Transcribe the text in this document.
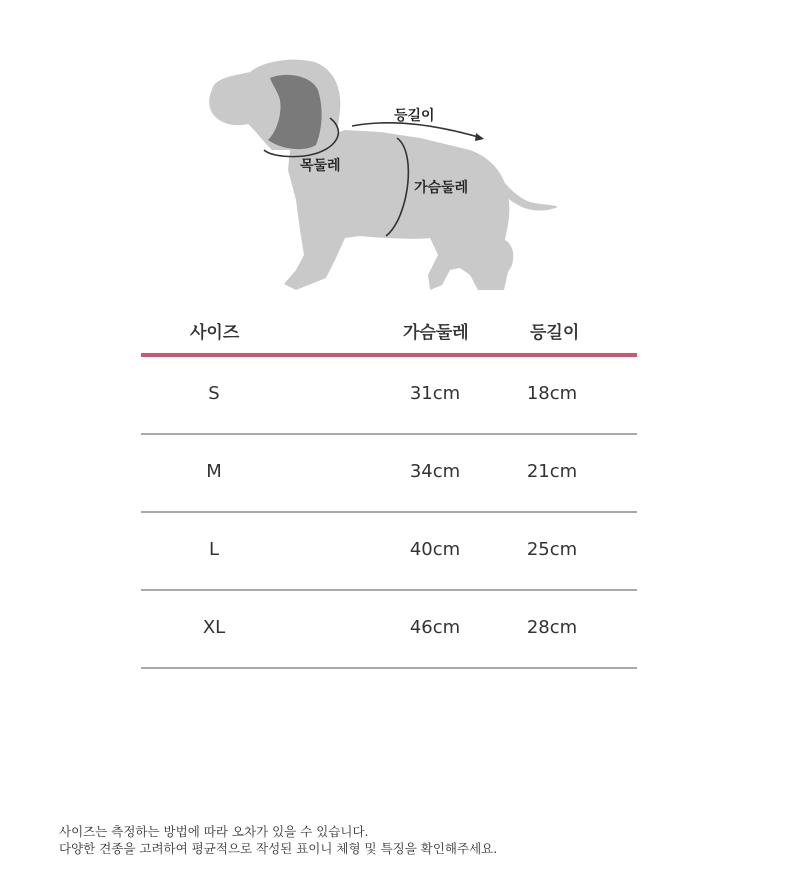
등길이
목둘레
가슴둘레
사이즈	가슴둘레	등길이
S	31cm	18cm
M	34cm	21cm
L	40cm	25cm
XL	46cm	28cm
사이즈는 측정하는 방법에 따라 오차가 있을 수 있습니다.
다양한 견종을 고려하여 평균적으로 작성된 표이니 체형 및 특징을 확인해주세요.
